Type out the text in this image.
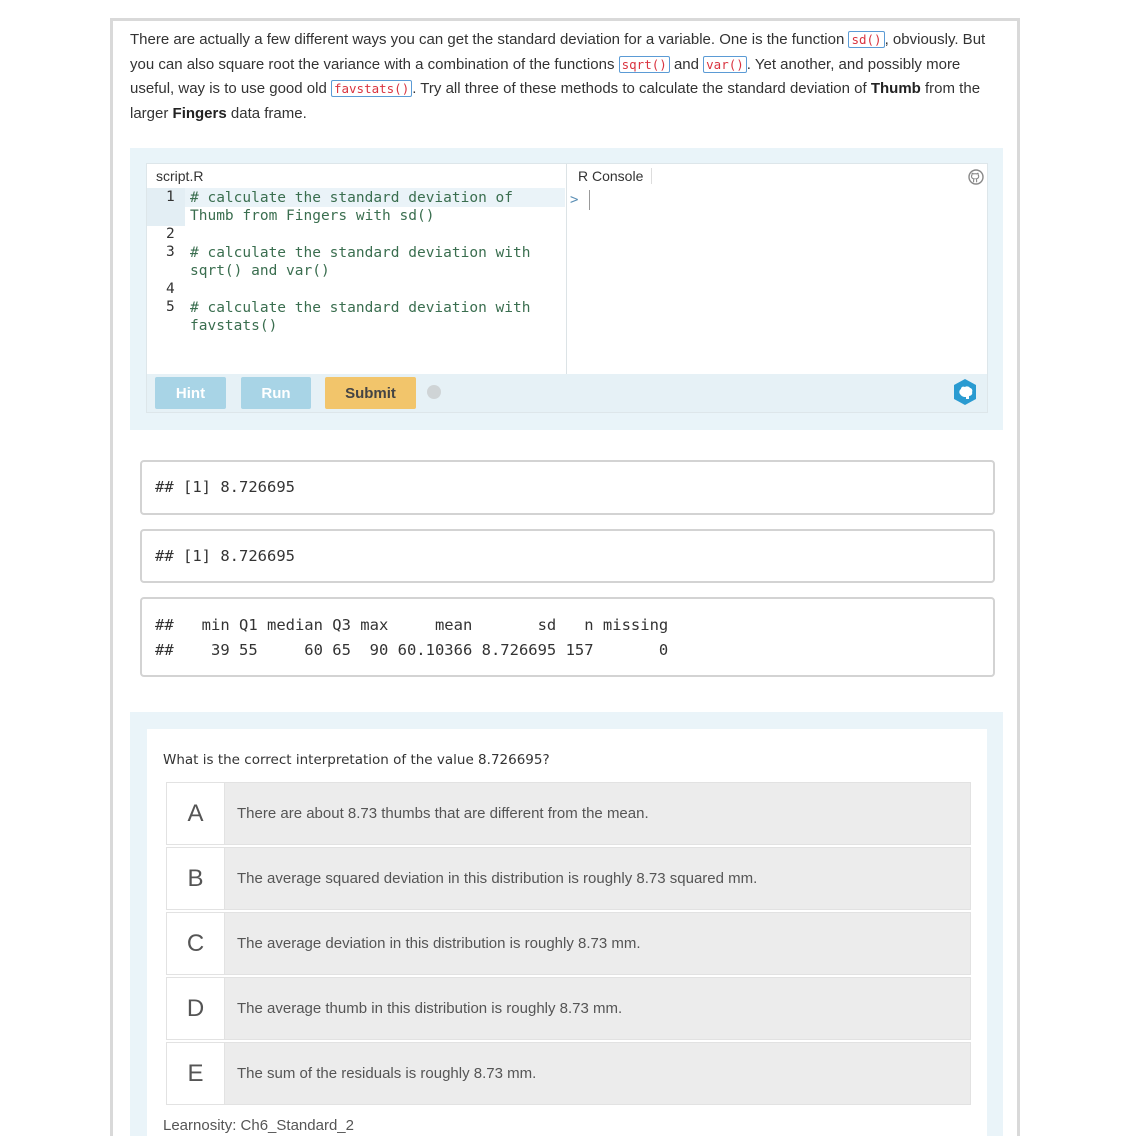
There are actually a few different ways you can get the standard deviation for a variable. One is the function sd() , obviously. But you can also square root the variance with a combination of the functions sqrt() and var() . Yet another, and possibly more useful, way is to use good old favstats() . Try all three of these methods to calculate the standard deviation of Thumb from the larger Fingers data frame.

script.R	R Console
1
2
3
4
5
# calculate the standard deviation of
Thumb from Fingers with sd()
# calculate the standard deviation with
sqrt() and var()
# calculate the standard deviation with
favstats()
>
Hint	Run	Submit

## [1] 8.726695

## [1] 8.726695

##   min Q1 median Q3 max     mean       sd   n missing

##    39 55     60 65  90 60.10366 8.726695 157       0

What is the correct interpretation of the value 8.726695?
A	There are about 8.73 thumbs that are different from the mean.
B	The average squared deviation in this distribution is roughly 8.73 squared mm.
C	The average deviation in this distribution is roughly 8.73 mm.
D	The average thumb in this distribution is roughly 8.73 mm.
E	The sum of the residuals is roughly 8.73 mm.
Learnosity: Ch6_Standard_2
